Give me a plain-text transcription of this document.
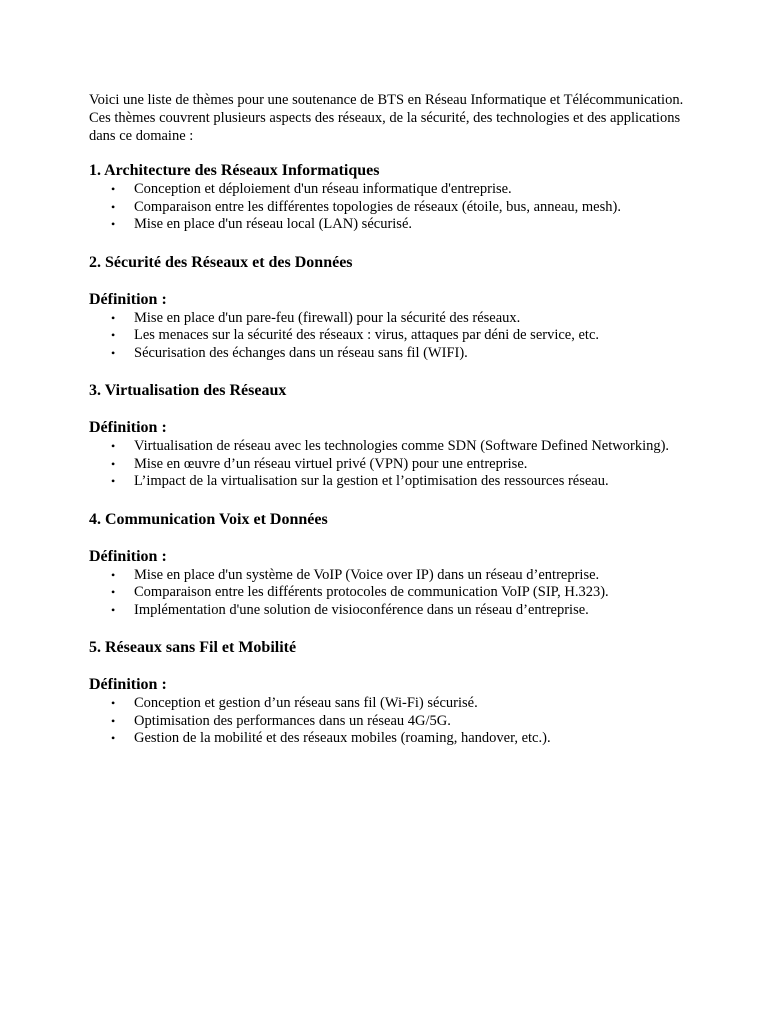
Voici une liste de thèmes pour une soutenance de BTS en Réseau Informatique et Télécommunication. Ces thèmes couvrent plusieurs aspects des réseaux, de la sécurité, des technologies et des applications dans ce domaine :

1. Architecture des Réseaux Informatiques
• Conception et déploiement d'un réseau informatique d'entreprise.
• Comparaison entre les différentes topologies de réseaux (étoile, bus, anneau, mesh).
• Mise en place d'un réseau local (LAN) sécurisé.
2. Sécurité des Réseaux et des Données
Définition :
• Mise en place d'un pare-feu (firewall) pour la sécurité des réseaux.
• Les menaces sur la sécurité des réseaux : virus, attaques par déni de service, etc.
• Sécurisation des échanges dans un réseau sans fil (WIFI).
3. Virtualisation des Réseaux
Définition :
• Virtualisation de réseau avec les technologies comme SDN (Software Defined Networking).
• Mise en œuvre d’un réseau virtuel privé (VPN) pour une entreprise.
• L’impact de la virtualisation sur la gestion et l’optimisation des ressources réseau.
4. Communication Voix et Données
Définition :
• Mise en place d'un système de VoIP (Voice over IP) dans un réseau d’entreprise.
• Comparaison entre les différents protocoles de communication VoIP (SIP, H.323).
• Implémentation d'une solution de visioconférence dans un réseau d’entreprise.
5. Réseaux sans Fil et Mobilité
Définition :
• Conception et gestion d’un réseau sans fil (Wi-Fi) sécurisé.
• Optimisation des performances dans un réseau 4G/5G.
• Gestion de la mobilité et des réseaux mobiles (roaming, handover, etc.).
